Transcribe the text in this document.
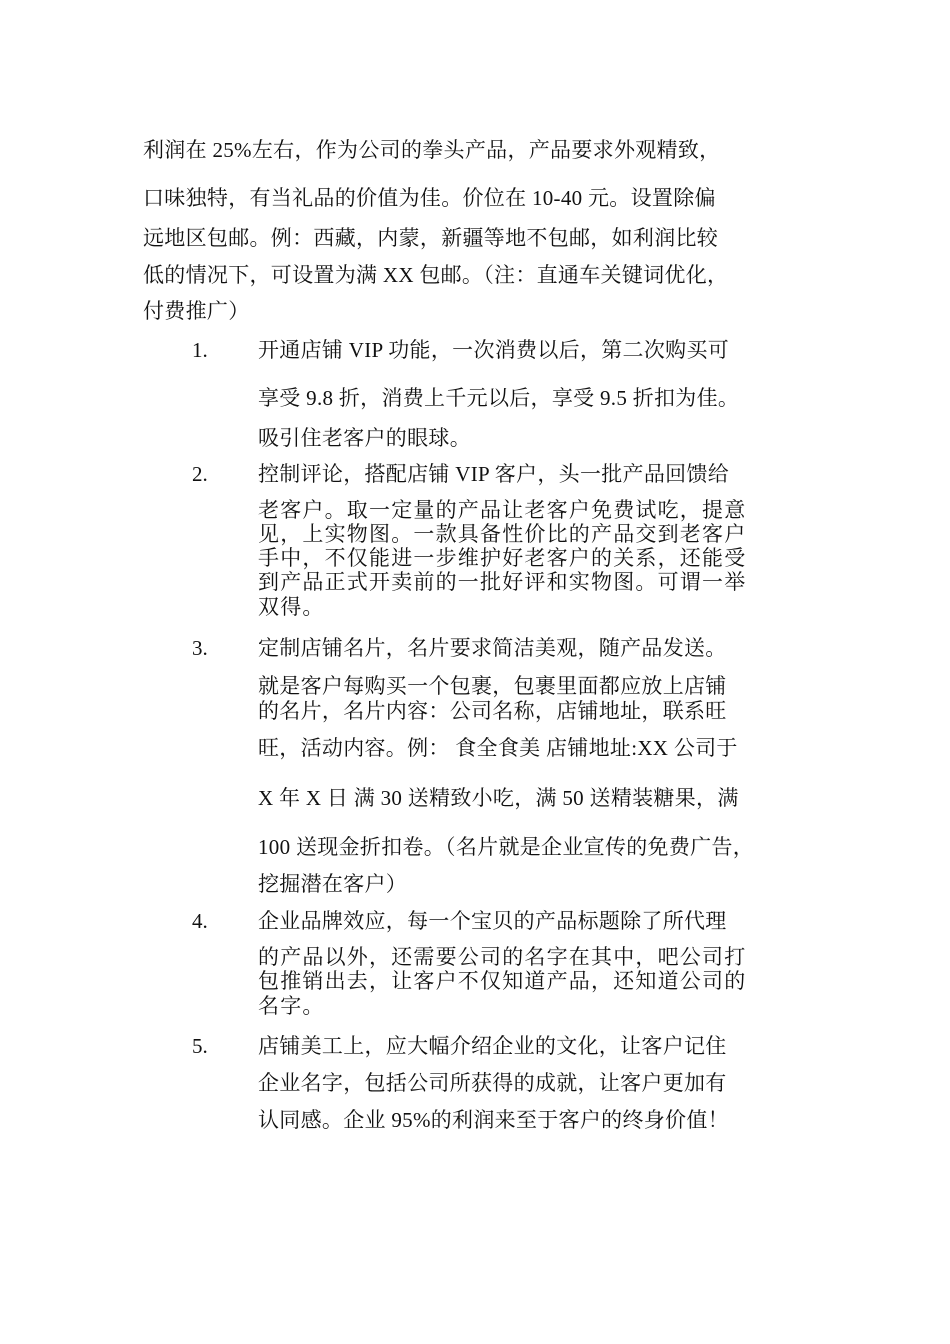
利润在 25%左右，作为公司的拳头产品，产品要求外观精致，
口味独特，有当礼品的价值为佳。价位在 10-40 元。设置除偏
远地区包邮。例：西藏，内蒙，新疆等地不包邮，如利润比较
低的情况下，可设置为满 XX 包邮。（注：直通车关键词优化，
付费推广）
1. 开通店铺 VIP 功能，一次消费以后，第二次购买可
享受 9.8 折，消费上千元以后，享受 9.5 折扣为佳。
吸引住老客户的眼球。
2. 控制评论，搭配店铺 VIP 客户，头一批产品回馈给
老客户。取一定量的产品让老客户免费试吃，提意
见，上实物图。一款具备性价比的产品交到老客户
手中，不仅能进一步维护好老客户的关系，还能受
到产品正式开卖前的一批好评和实物图。可谓一举
双得。
3. 定制店铺名片，名片要求简洁美观，随产品发送。
就是客户每购买一个包裹，包裹里面都应放上店铺
的名片，名片内容：公司名称，店铺地址，联系旺
旺，活动内容。例： 食全食美 店铺地址:XX 公司于
X 年 X 日 满 30 送精致小吃，满 50 送精装糖果，满
100 送现金折扣卷。（名片就是企业宣传的免费广告，
挖掘潜在客户）
4. 企业品牌效应，每一个宝贝的产品标题除了所代理
的产品以外，还需要公司的名字在其中，吧公司打
包推销出去，让客户不仅知道产品，还知道公司的
名字。
5. 店铺美工上，应大幅介绍企业的文化，让客户记住
企业名字，包括公司所获得的成就，让客户更加有
认同感。企业 95%的利润来至于客户的终身价值！
